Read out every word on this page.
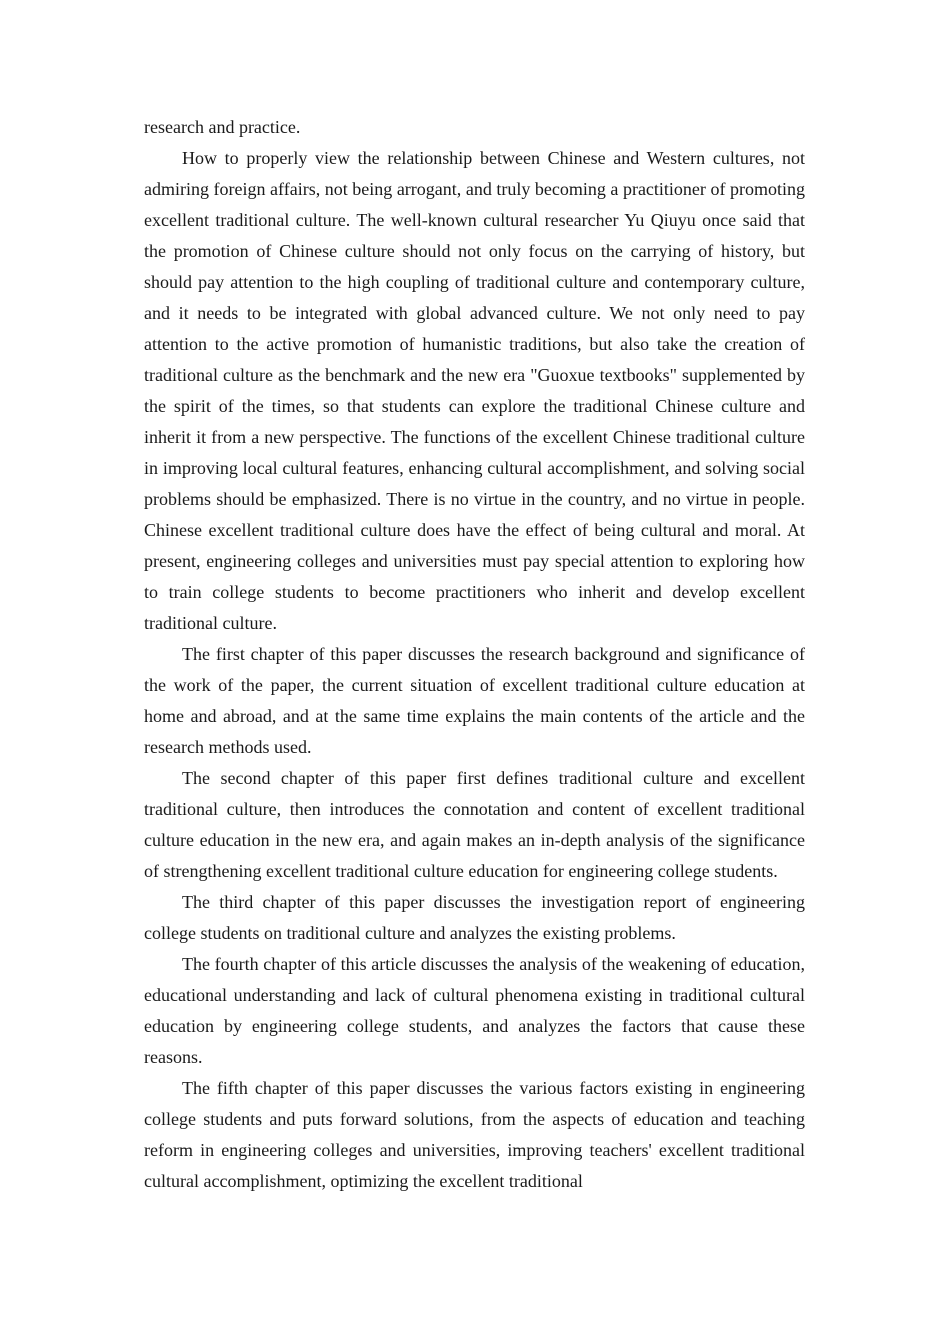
research and practice.

How to properly view the relationship between Chinese and Western cultures, not admiring foreign affairs, not being arrogant, and truly becoming a practitioner of promoting excellent traditional culture. The well-known cultural researcher Yu Qiuyu once said that the promotion of Chinese culture should not only focus on the carrying of history, but should pay attention to the high coupling of traditional culture and contemporary culture, and it needs to be integrated with global advanced culture. We not only need to pay attention to the active promotion of humanistic traditions, but also take the creation of traditional culture as the benchmark and the new era "Guoxue textbooks" supplemented by the spirit of the times, so that students can explore the traditional Chinese culture and inherit it from a new perspective. The functions of the excellent Chinese traditional culture in improving local cultural features, enhancing cultural accomplishment, and solving social problems should be emphasized. There is no virtue in the country, and no virtue in people. Chinese excellent traditional culture does have the effect of being cultural and moral. At present, engineering colleges and universities must pay special attention to exploring how to train college students to become practitioners who inherit and develop excellent traditional culture.

The first chapter of this paper discusses the research background and significance of the work of the paper, the current situation of excellent traditional culture education at home and abroad, and at the same time explains the main contents of the article and the research methods used.

The second chapter of this paper first defines traditional culture and excellent traditional culture, then introduces the connotation and content of excellent traditional culture education in the new era, and again makes an in-depth analysis of the significance of strengthening excellent traditional culture education for engineering college students.

The third chapter of this paper discusses the investigation report of engineering college students on traditional culture and analyzes the existing problems.

The fourth chapter of this article discusses the analysis of the weakening of education, educational understanding and lack of cultural phenomena existing in traditional cultural education by engineering college students, and analyzes the factors that cause these reasons.

The fifth chapter of this paper discusses the various factors existing in engineering college students and puts forward solutions, from the aspects of education and teaching reform in engineering colleges and universities, improving teachers' excellent traditional cultural accomplishment, optimizing the excellent traditional
